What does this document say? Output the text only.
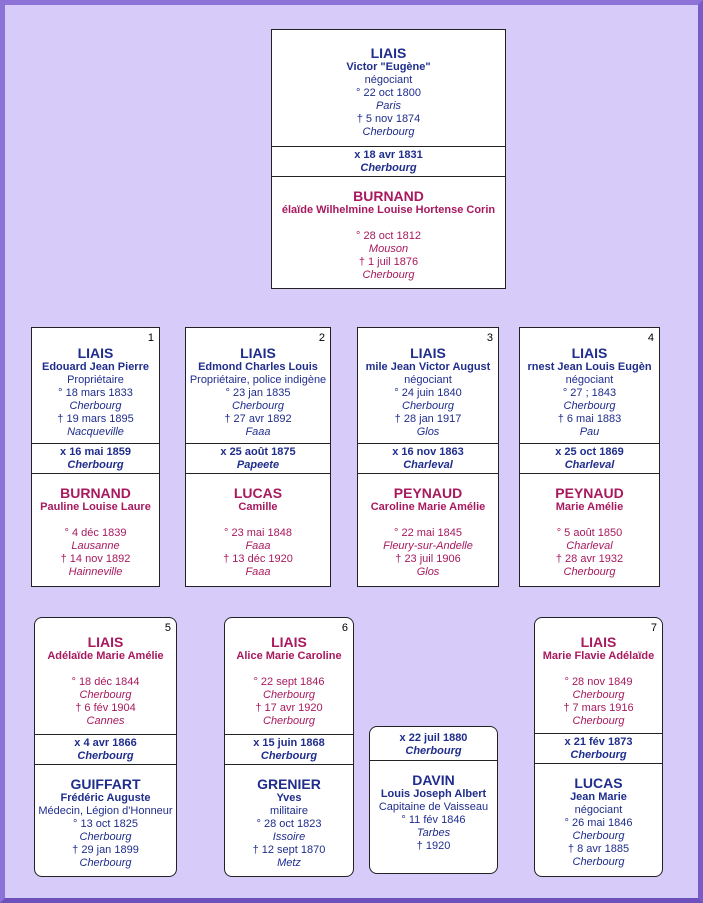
LIAIS
Victor "Eugène"
négociant
° 22 oct 1800
Paris
† 5 nov 1874
Cherbourg
x 18 avr 1831
Cherbourg
BURNAND
élaïde Wilhelmine Louise Hortense Corin

° 28 oct 1812
Mouson
† 1 juil 1876
Cherbourg
1
LIAIS
Edouard Jean Pierre
Propriétaire
° 18 mars 1833
Cherbourg
† 19 mars 1895
Nacqueville
x 16 mai 1859
Cherbourg
BURNAND
Pauline Louise Laure

° 4 déc 1839
Lausanne
† 14 nov 1892
Hainneville
2
LIAIS
Edmond Charles Louis
Propriétaire, police indigène
° 23 jan 1835
Cherbourg
† 27 avr 1892
Faaa
x 25 août 1875
Papeete
LUCAS
Camille

° 23 mai 1848
Faaa
† 13 déc 1920
Faaa
3
LIAIS
mile Jean Victor August
négociant
° 24 juin 1840
Cherbourg
† 28 jan 1917
Glos
x 16 nov 1863
Charleval
PEYNAUD
Caroline Marie Amélie

° 22 mai 1845
Fleury-sur-Andelle
† 23 juil 1906
Glos
4
LIAIS
rnest Jean Louis Eugèn
négociant
° 27 ; 1843
Cherbourg
† 6 mai 1883
Pau
x 25 oct 1869
Charleval
PEYNAUD
Marie Amélie

° 5 août 1850
Charleval
† 28 avr 1932
Cherbourg
5
LIAIS
Adélaïde Marie Amélie

° 18 déc 1844
Cherbourg
† 6 fév 1904
Cannes
x 4 avr 1866
Cherbourg
GUIFFART
Frédéric Auguste
Médecin, Légion d'Honneur
° 13 oct 1825
Cherbourg
† 29 jan 1899
Cherbourg
6
LIAIS
Alice Marie Caroline

° 22 sept 1846
Cherbourg
† 17 avr 1920
Cherbourg
x 15 juin 1868
Cherbourg
GRENIER
Yves
militaire
° 28 oct 1823
Issoire
† 12 sept 1870
Metz
x 22 juil 1880
Cherbourg
DAVIN
Louis Joseph Albert
Capitaine de Vaisseau
° 11 fév 1846
Tarbes
† 1920
7
LIAIS
Marie Flavie Adélaïde

° 28 nov 1849
Cherbourg
† 7 mars 1916
Cherbourg
x 21 fév 1873
Cherbourg
LUCAS
Jean Marie
négociant
° 26 mai 1846
Cherbourg
† 8 avr 1885
Cherbourg
